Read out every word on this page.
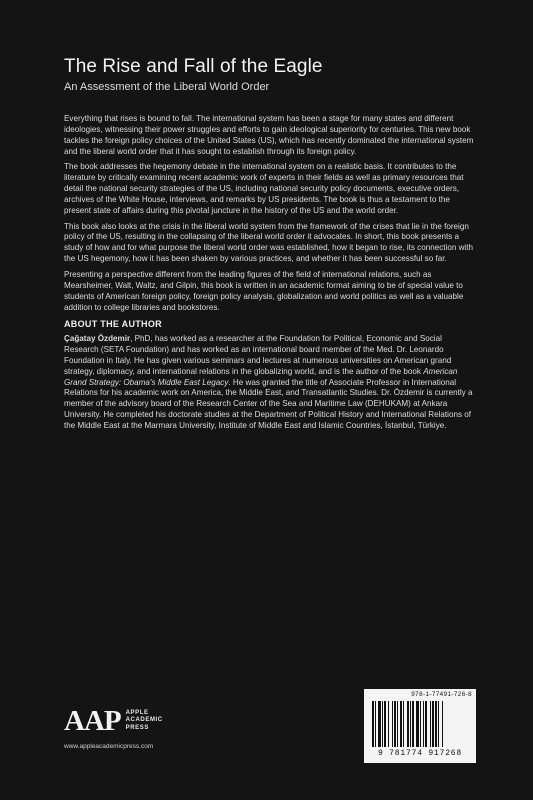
The Rise and Fall of the Eagle
An Assessment of the Liberal World Order

Everything that rises is bound to fall. The international system has been a stage for many states and different ideologies, witnessing their power struggles and efforts to gain ideological superiority for centuries. This new book tackles the foreign policy choices of the United States (US), which has recently dominated the international system and the liberal world order that it has sought to establish through its foreign policy.

The book addresses the hegemony debate in the international system on a realistic basis. It contributes to the literature by critically examining recent academic work of experts in their fields as well as primary resources that detail the national security strategies of the US, including national security policy documents, executive orders, archives of the White House, interviews, and remarks by US presidents. The book is thus a testament to the present state of affairs during this pivotal juncture in the history of the US and the world order.

This book also looks at the crisis in the liberal world system from the framework of the crises that lie in the foreign policy of the US, resulting in the collapsing of the liberal world order it advocates. In short, this book presents a study of how and for what purpose the liberal world order was established, how it began to rise, its connection with the US hegemony, how it has been shaken by various practices, and whether it has been successful so far.

Presenting a perspective different from the leading figures of the field of international relations, such as Mearsheimer, Walt, Waltz, and Gilpin, this book is written in an academic format aiming to be of special value to students of American foreign policy, foreign policy analysis, globalization and world politics as well as a valuable addition to college libraries and bookstores.

ABOUT THE AUTHOR

Çağatay Özdemir, PhD, has worked as a researcher at the Foundation for Political, Economic and Social Research (SETA Foundation) and has worked as an international board member of the Med. Dr. Leonardo Foundation in Italy. He has given various seminars and lectures at numerous universities on American grand strategy, diplomacy, and international relations in the globalizing world, and is the author of the book American Grand Strategy: Obama's Middle East Legacy. He was granted the title of Associate Professor in International Relations for his academic work on America, the Middle East, and Transatlantic Studies. Dr. Özdemir is currently a member of the advisory board of the Research Center of the Sea and Maritime Law (DEHUKAM) at Ankara University. He completed his doctorate studies at the Department of Political History and International Relations of the Middle East at the Marmara University, Institute of Middle East and Islamic Countries, İstanbul, Türkiye.

AAP APPLE
ACADEMIC
PRESS
www.appleacademicpress.com
978-1-77491-726-8
9 781774 917268
